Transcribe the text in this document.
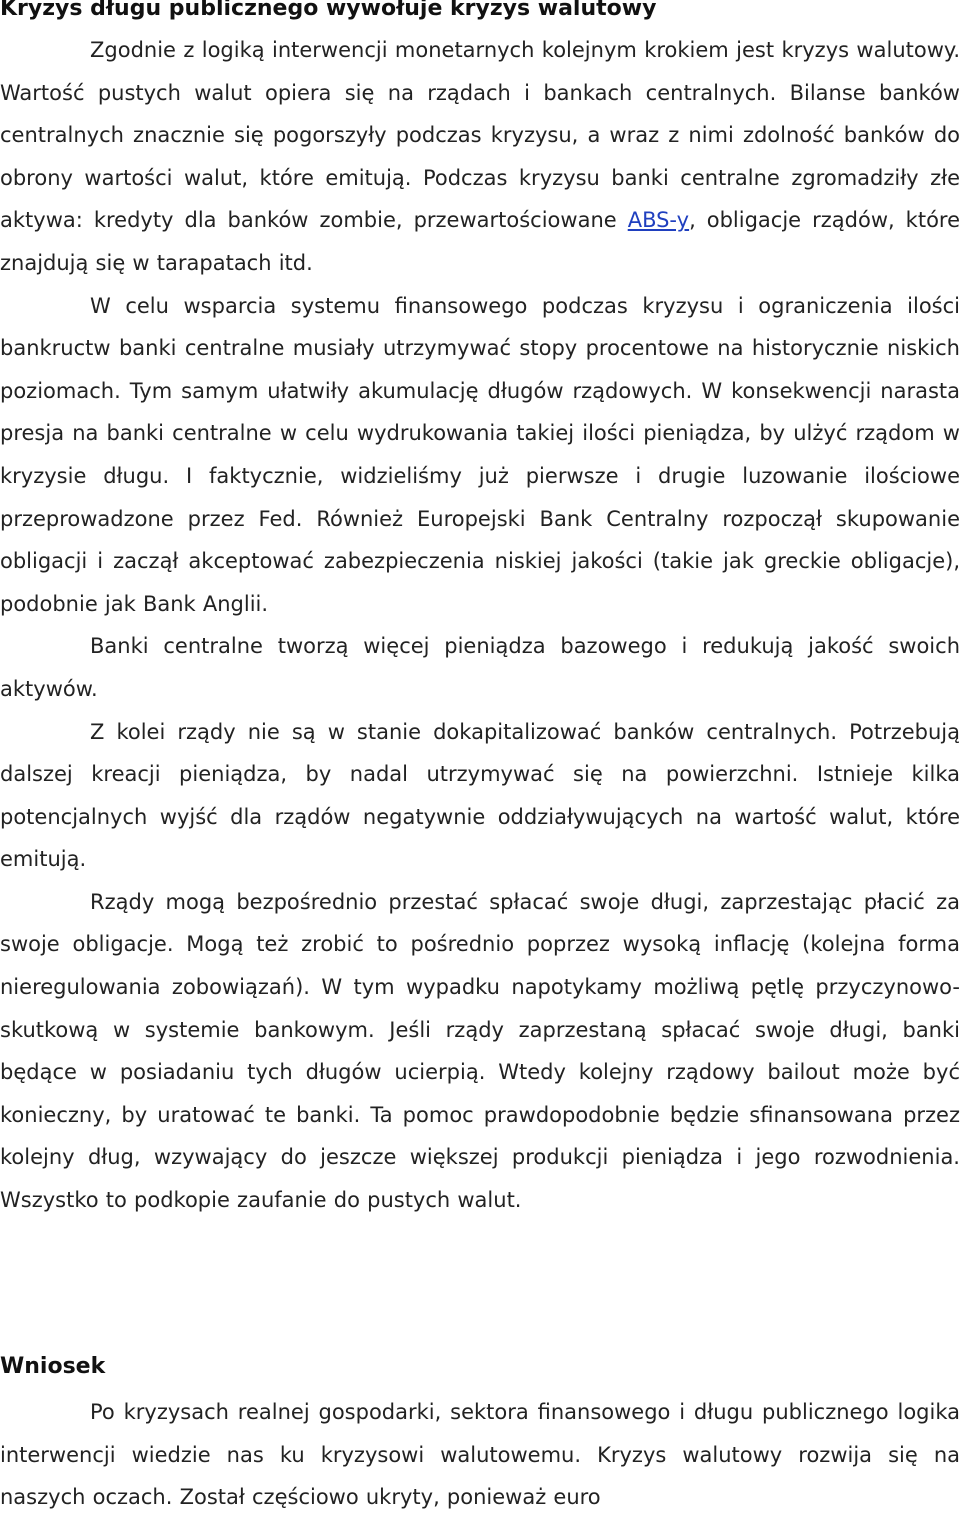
Kryzys długu publicznego wywołuje kryzys walutowy

Zgodnie z logiką interwencji monetarnych kolejnym krokiem jest kryzys walutowy. Wartość pustych walut opiera się na rządach i bankach centralnych. Bilanse banków centralnych znacznie się pogorszyły podczas kryzysu, a wraz z nimi zdolność banków do obrony wartości walut, które emitują. Podczas kryzysu banki centralne zgromadziły złe aktywa: kredyty dla banków zombie, przewartościowane ABS-y, obligacje rządów, które znajdują się w tarapatach itd.

W celu wsparcia systemu finansowego podczas kryzysu i ograniczenia ilości bankructw banki centralne musiały utrzymywać stopy procentowe na historycznie niskich poziomach. Tym samym ułatwiły akumulację długów rządowych. W konsekwencji narasta presja na banki centralne w celu wydrukowania takiej ilości pieniądza, by ulżyć rządom w kryzysie długu. I faktycznie, widzieliśmy już pierwsze i drugie luzowanie ilościowe przeprowadzone przez Fed. Również Europejski Bank Centralny rozpoczął skupowanie obligacji i zaczął akceptować zabezpieczenia niskiej jakości (takie jak greckie obligacje), podobnie jak Bank Anglii.

Banki centralne tworzą więcej pieniądza bazowego i redukują jakość swoich aktywów.

Z kolei rządy nie są w stanie dokapitalizować banków centralnych. Potrzebują dalszej kreacji pieniądza, by nadal utrzymywać się na powierzchni. Istnieje kilka potencjalnych wyjść dla rządów negatywnie oddziaływujących na wartość walut, które emitują.

Rządy mogą bezpośrednio przestać spłacać swoje długi, zaprzestając płacić za swoje obligacje. Mogą też zrobić to pośrednio poprzez wysoką inflację (kolejna forma nieregulowania zobowiązań). W tym wypadku napotykamy możliwą pętlę przyczynowo-skutkową w systemie bankowym. Jeśli rządy zaprzestaną spłacać swoje długi, banki będące w posiadaniu tych długów ucierpią. Wtedy kolejny rządowy bailout może być konieczny, by uratować te banki. Ta pomoc prawdopodobnie będzie sfinansowana przez kolejny dług, wzywający do jeszcze większej produkcji pieniądza i jego rozwodnienia. Wszystko to podkopie zaufanie do pustych walut.

Wniosek

Po kryzysach realnej gospodarki, sektora finansowego i długu publicznego logika interwencji wiedzie nas ku kryzysowi walutowemu. Kryzys walutowy rozwija się na naszych oczach. Został częściowo ukryty, ponieważ euro
